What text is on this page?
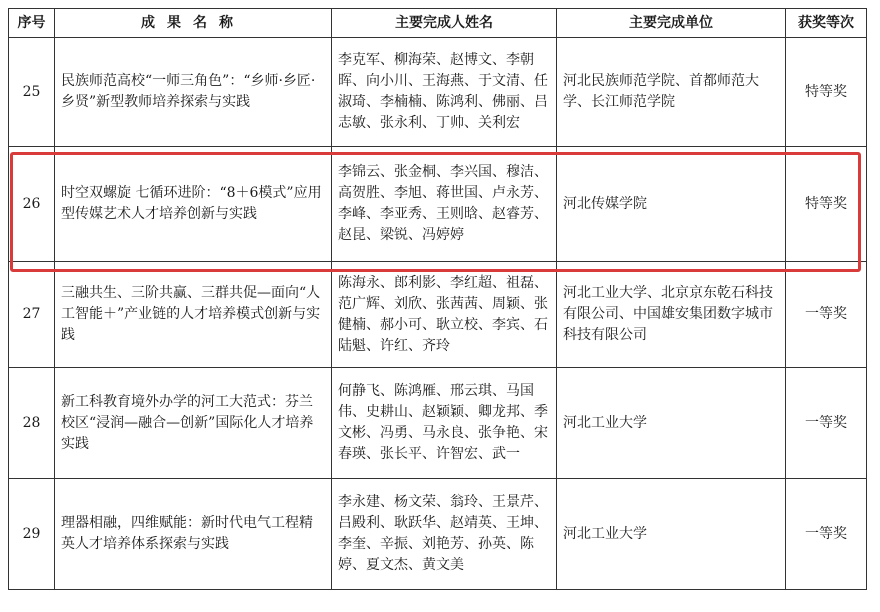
序号	成果名称	主要完成人姓名	主要完成单位	获奖等次
25	民族师范高校“一师三角色”：“乡师·乡匠·乡贤”新型教师培养探索与实践	李克军、柳海荣、赵博文、李朝晖、向小川、王海燕、于文清、任淑琦、李楠楠、陈鸿利、佛丽、吕志敏、张永利、丁帅、关利宏	河北民族师范学院、首都师范大学、长江师范学院	特等奖
26	时空双螺旋 七循环进阶：“8＋6模式”应用型传媒艺术人才培养创新与实践	李锦云、张金桐、李兴国、穆洁、高贺胜、李旭、蒋世国、卢永芳、李峰、李亚秀、王则晗、赵睿芳、赵昆、梁锐、冯婷婷	河北传媒学院	特等奖
27	三融共生、三阶共赢、三群共促—面向“人工智能＋”产业链的人才培养模式创新与实践	陈海永、郎利影、李红超、祖磊、范广辉、刘欣、张茜茜、周颖、张健楠、郝小可、耿立校、李宾、石陆魁、许红、齐玲	河北工业大学、北京京东乾石科技有限公司、中国雄安集团数字城市科技有限公司	一等奖
28	新工科教育境外办学的河工大范式：芬兰校区“浸润—融合—创新”国际化人才培养实践	何静飞、陈鸿雁、邢云琪、马国伟、史耕山、赵颖颖、卿龙邦、季文彬、冯勇、马永良、张争艳、宋春瑛、张长平、许智宏、武一	河北工业大学	一等奖
29	理器相融，四维赋能：新时代电气工程精英人才培养体系探索与实践	李永建、杨文荣、翁玲、王景芹、吕殿利、耿跃华、赵靖英、王坤、李奎、辛振、刘艳芳、孙英、陈婷、夏文杰、黄文美	河北工业大学	一等奖
